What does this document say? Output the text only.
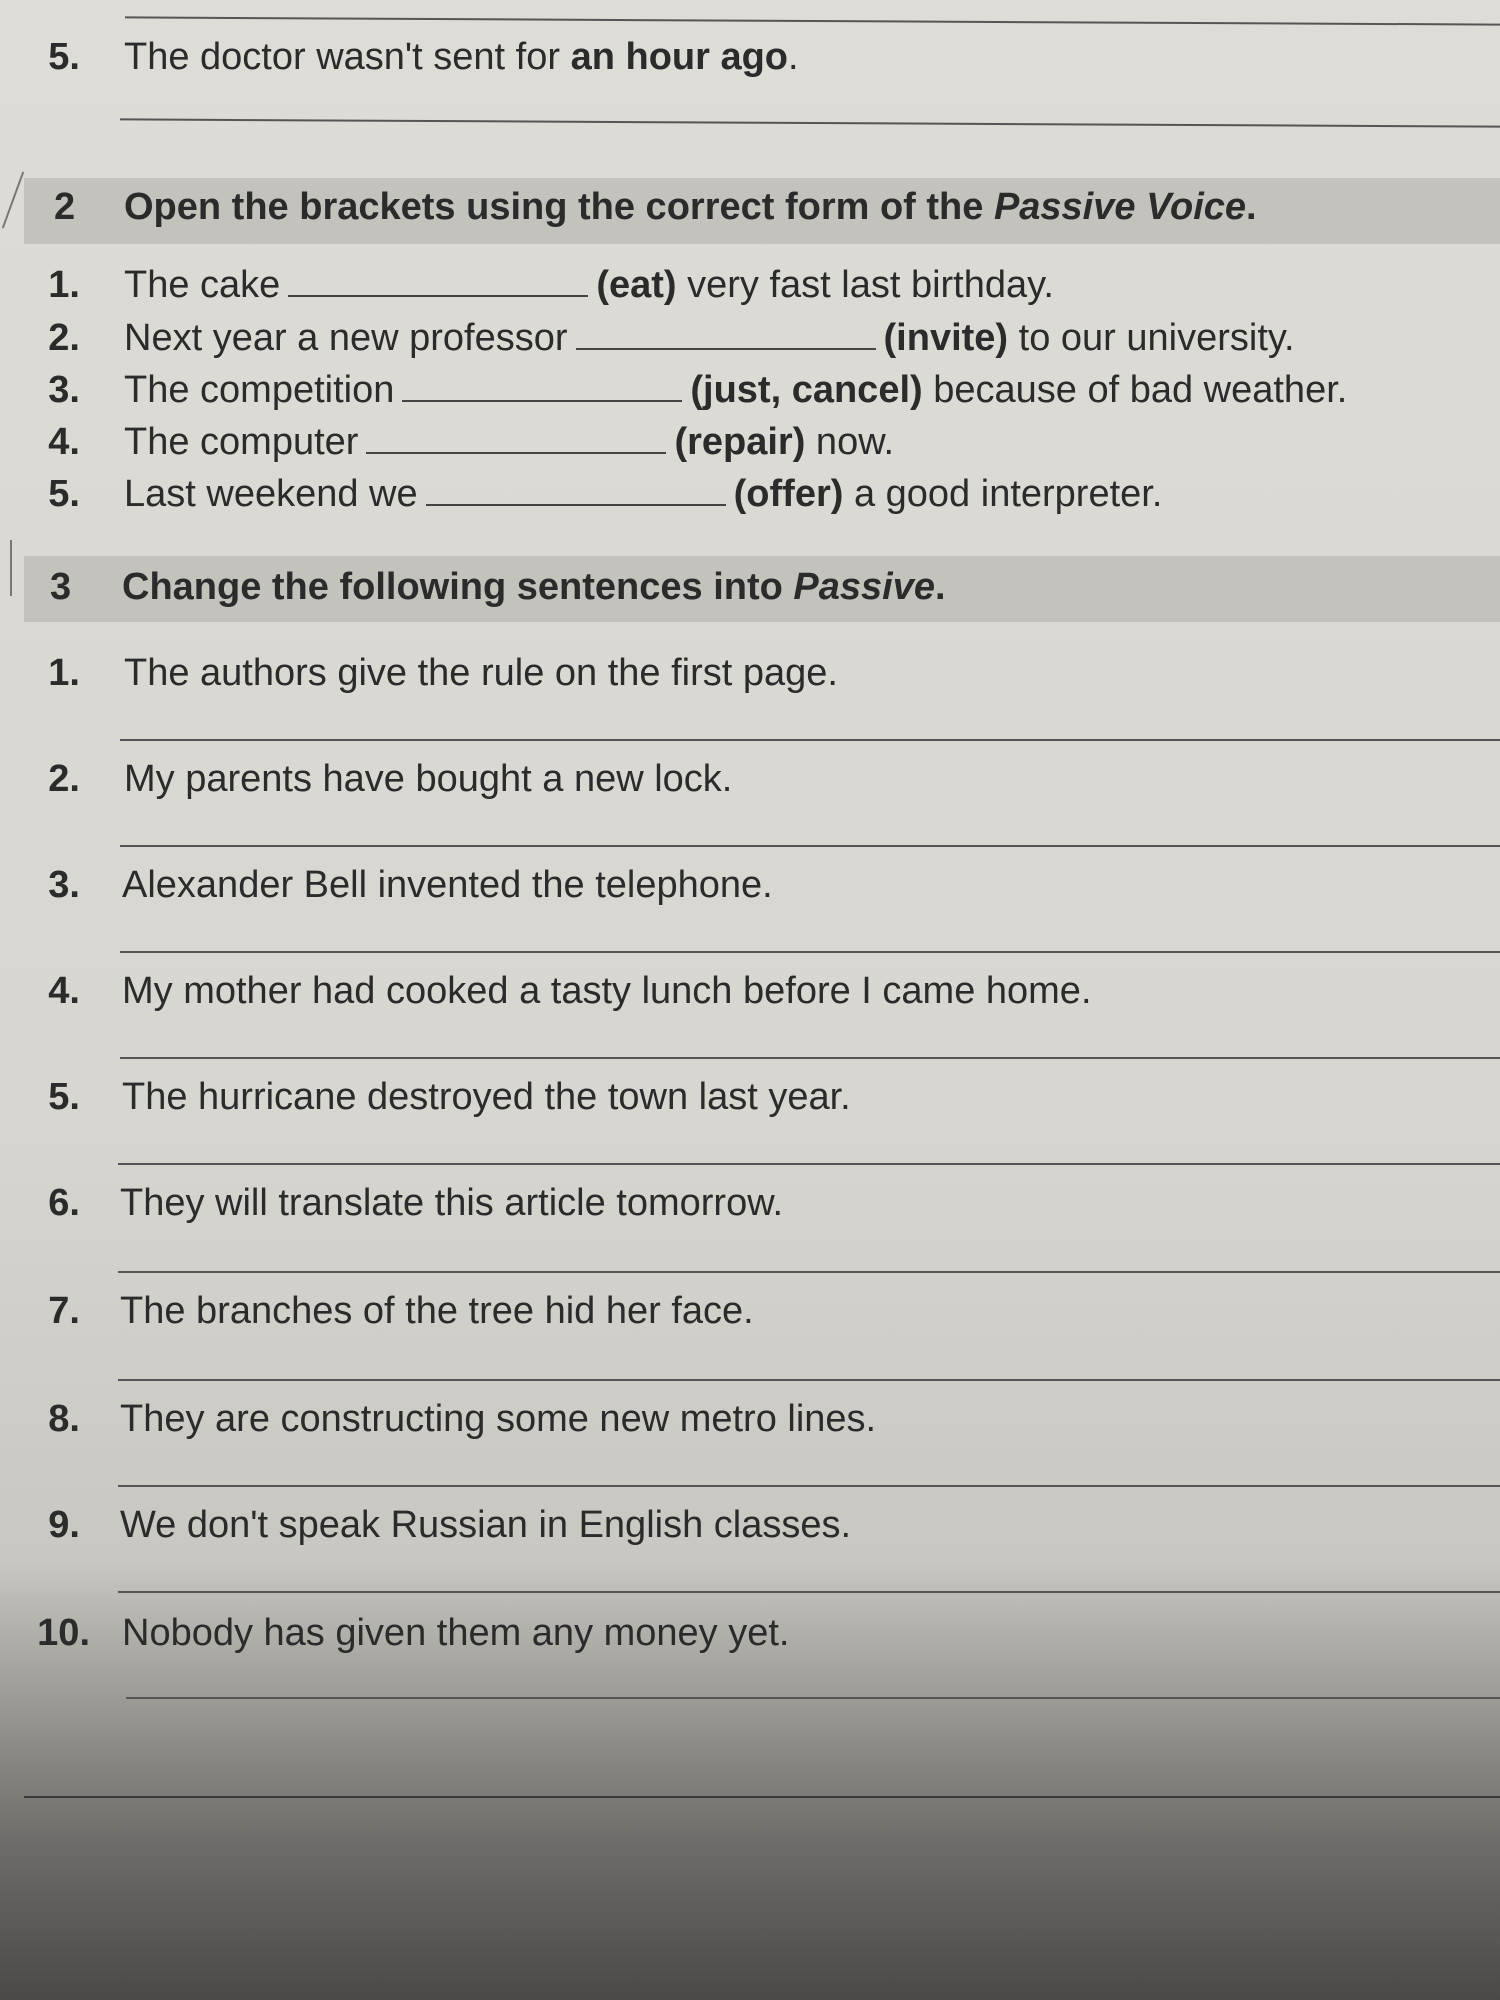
5. The doctor wasn't sent for an hour ago.
2 Open the brackets using the correct form of the Passive Voice.
1. The cake	(eat) very fast last birthday.
2. Next year a new professor	(invite) to our university.
3. The competition	(just, cancel) because of bad weather.
4. The computer	(repair) now.
5. Last weekend we	(offer) a good interpreter.
3 Change the following sentences into Passive.
1. The authors give the rule on the first page.
2. My parents have bought a new lock.
3. Alexander Bell invented the telephone.
4. My mother had cooked a tasty lunch before I came home.
5. The hurricane destroyed the town last year.
6. They will translate this article tomorrow.
7. The branches of the tree hid her face.
8. They are constructing some new metro lines.
9. We don't speak Russian in English classes.
10. Nobody has given them any money yet.
